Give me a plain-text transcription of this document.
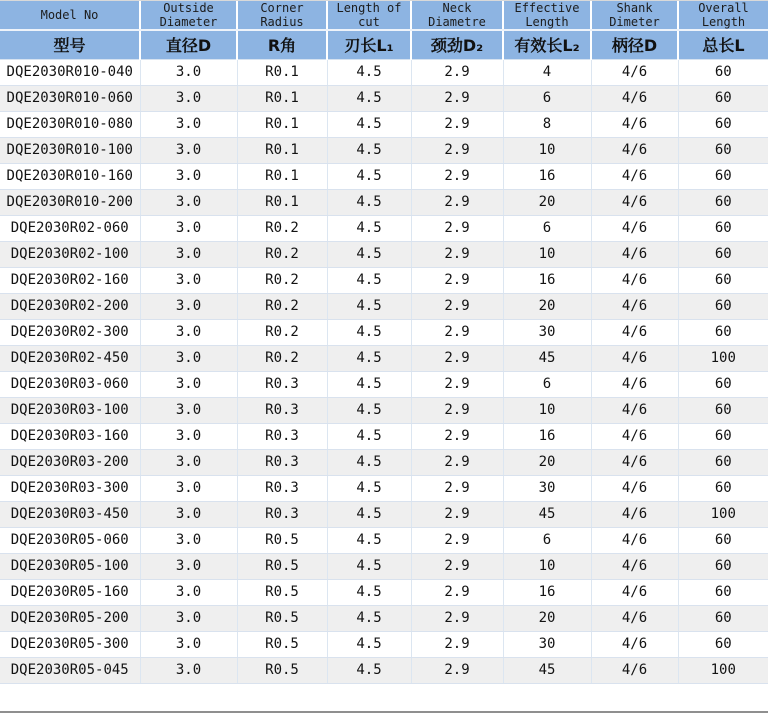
Model No	Outside Diameter	Corner Radius	Length of cut	Neck Diametre	Effective Length	Shank Dimeter	Overall Length
型号	直径D	R角	刃长L₁	颈劲D₂	有效长L₂	柄径D	总长L
DQE2030R010-040	3.0	R0.1	4.5	2.9	4	4/6	60
DQE2030R010-060	3.0	R0.1	4.5	2.9	6	4/6	60
DQE2030R010-080	3.0	R0.1	4.5	2.9	8	4/6	60
DQE2030R010-100	3.0	R0.1	4.5	2.9	10	4/6	60
DQE2030R010-160	3.0	R0.1	4.5	2.9	16	4/6	60
DQE2030R010-200	3.0	R0.1	4.5	2.9	20	4/6	60
DQE2030R02-060	3.0	R0.2	4.5	2.9	6	4/6	60
DQE2030R02-100	3.0	R0.2	4.5	2.9	10	4/6	60
DQE2030R02-160	3.0	R0.2	4.5	2.9	16	4/6	60
DQE2030R02-200	3.0	R0.2	4.5	2.9	20	4/6	60
DQE2030R02-300	3.0	R0.2	4.5	2.9	30	4/6	60
DQE2030R02-450	3.0	R0.2	4.5	2.9	45	4/6	100
DQE2030R03-060	3.0	R0.3	4.5	2.9	6	4/6	60
DQE2030R03-100	3.0	R0.3	4.5	2.9	10	4/6	60
DQE2030R03-160	3.0	R0.3	4.5	2.9	16	4/6	60
DQE2030R03-200	3.0	R0.3	4.5	2.9	20	4/6	60
DQE2030R03-300	3.0	R0.3	4.5	2.9	30	4/6	60
DQE2030R03-450	3.0	R0.3	4.5	2.9	45	4/6	100
DQE2030R05-060	3.0	R0.5	4.5	2.9	6	4/6	60
DQE2030R05-100	3.0	R0.5	4.5	2.9	10	4/6	60
DQE2030R05-160	3.0	R0.5	4.5	2.9	16	4/6	60
DQE2030R05-200	3.0	R0.5	4.5	2.9	20	4/6	60
DQE2030R05-300	3.0	R0.5	4.5	2.9	30	4/6	60
DQE2030R05-045	3.0	R0.5	4.5	2.9	45	4/6	100
